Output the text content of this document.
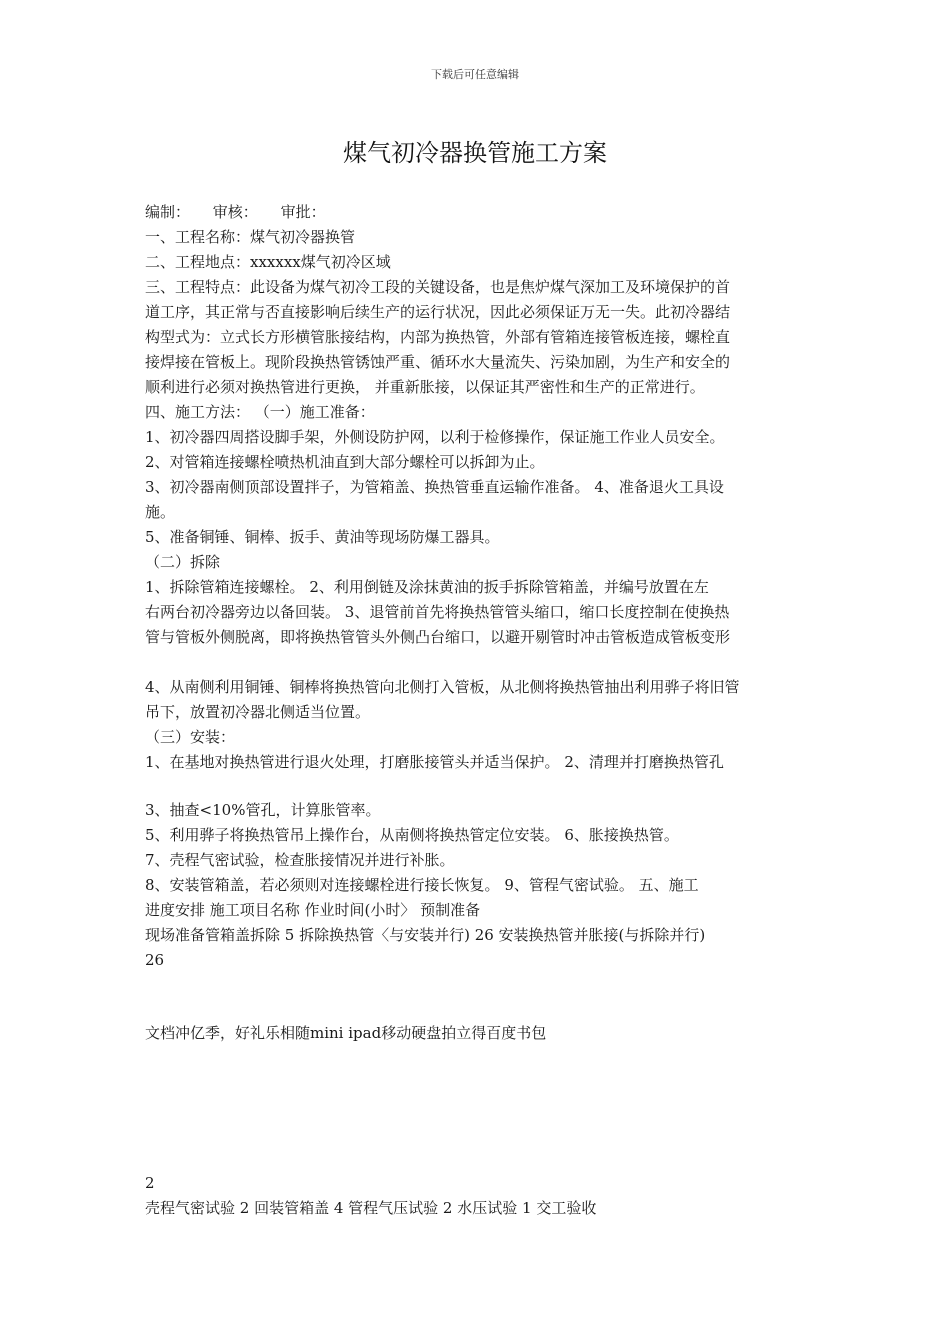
下载后可任意编辑
煤气初冷器换管施工方案
编制： 审核： 审批：
一、工程名称：煤气初冷器换管
二、工程地点：xxxxxx煤气初冷区域
三、工程特点：此设备为煤气初冷工段的关键设备，也是焦炉煤气深加工及环境保护的首
道工序，其正常与否直接影响后续生产的运行状况，因此必须保证万无一失。此初冷器结
构型式为：立式长方形横管胀接结构，内部为换热管，外部有管箱连接管板连接，螺栓直
接焊接在管板上。现阶段换热管锈蚀严重、循环水大量流失、污染加剧，为生产和安全的
顺利进行必须对换热管进行更换， 并重新胀接，以保证其严密性和生产的正常进行。
四、施工方法： （一）施工准备：
1、初冷器四周搭设脚手架，外侧设防护网，以利于检修操作，保证施工作业人员安全。
2、对管箱连接螺栓喷热机油直到大部分螺栓可以拆卸为止。
3、初冷器南侧顶部设置拌子，为管箱盖、换热管垂直运输作准备。 4、准备退火工具设
施。
5、准备铜锤、铜棒、扳手、黄油等现场防爆工器具。
（二）拆除
1、拆除管箱连接螺栓。 2、利用倒链及涂抹黄油的扳手拆除管箱盖，并编号放置在左
右两台初冷器旁边以备回装。 3、退管前首先将换热管管头缩口，缩口长度控制在使换热
管与管板外侧脱离，即将换热管管头外侧凸台缩口，以避开剔管时冲击管板造成管板变形
4、从南侧利用铜锤、铜棒将换热管向北侧打入管板，从北侧将换热管抽出利用骅子将旧管
吊下，放置初冷器北侧适当位置。
（三）安装：
1、在基地对换热管进行退火处理，打磨胀接管头并适当保护。 2、清理并打磨换热管孔
3、抽查<10%管孔，计算胀管率。
5、利用骅子将换热管吊上操作台，从南侧将换热管定位安装。 6、胀接换热管。
7、壳程气密试验，检查胀接情况并进行补胀。
8、安装管箱盖，若必须则对连接螺栓进行接长恢复。 9、管程气密试验。 五、施工
进度安排 施工项目名称 作业时间(小时〉 预制准备
现场准备管箱盖拆除 5 拆除换热管〈与安装并行) 26 安装换热管并胀接(与拆除并行)
26
文档冲亿季，好礼乐相随mini ipad移动硬盘拍立得百度书包
2
壳程气密试验 2 回装管箱盖 4 管程气压试验 2 水压试验 1 交工验收
